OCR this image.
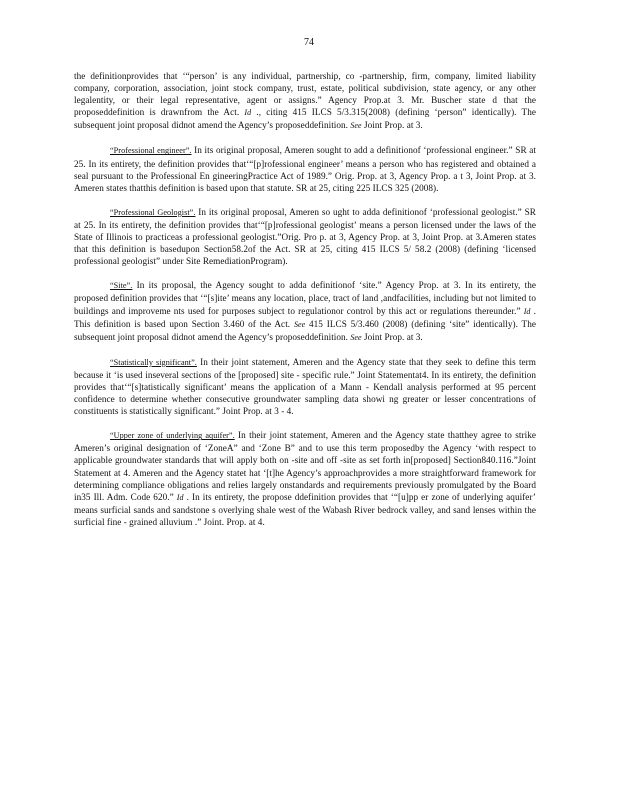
74

the definitionprovides that ‘“person’ is any individual, partnership, co -partnership, firm, company, limited liability company, corporation, association, joint stock company, trust, estate, political subdivision, state agency, or any other legalentity, or their legal representative, agent or assigns.” Agency Prop.at 3. Mr. Buscher state d that the proposeddefinition is drawnfrom the Act. Id ., citing 415 ILCS 5/3.315(2008) (defining ‘person” identically). The subsequent joint proposal didnot amend the Agency’s proposeddefinition. See Joint Prop. at 3.

“Professional engineer”. In its original proposal, Ameren sought to add a definitionof ‘professional engineer.” SR at 25. In its entirety, the definition provides that‘“[p]rofessional engineer’ means a person who has registered and obtained a seal pursuant to the Professional En gineeringPractice Act of 1989.” Orig. Prop. at 3, Agency Prop. a t 3, Joint Prop. at 3. Ameren states thatthis definition is based upon that statute. SR at 25, citing 225 ILCS 325 (2008).

“Professional Geologist”. In its original proposal, Ameren so ught to adda definitionof ‘professional geologist.” SR at 25. In its entirety, the definition provides that‘“[p]rofessional geologist’ means a person licensed under the laws of the State of Illinois to practiceas a professional geologist.”Orig. Pro p. at 3, Agency Prop. at 3, Joint Prop. at 3.Ameren states that this definition is basedupon Section58.2of the Act. SR at 25, citing 415 ILCS 5/ 58.2 (2008) (defining ‘licensed professional geologist” under Site RemediationProgram).

“Site”. In its proposal, the Agency sought to adda definitionof ‘site.” Agency Prop. at 3. In its entirety, the proposed definition provides that ‘“[s]ite’ means any location, place, tract of land ,andfacilities, including but not limited to buildings and improveme nts used for purposes subject to regulationor control by this act or regulations thereunder.” Id . This definition is based upon Section 3.460 of the Act. See 415 ILCS 5/3.460 (2008) (defining ‘site” identically). The subsequent joint proposal didnot amend the Agency’s proposeddefinition. See Joint Prop. at 3.

“Statistically significant”. In their joint statement, Ameren and the Agency state that they seek to define this term because it ‘is used inseveral sections of the [proposed] site - specific rule.” Joint Statementat4. In its entirety, the definition provides that‘“[s]tatistically significant’ means the application of a Mann - Kendall analysis performed at 95 percent confidence to determine whether consecutive groundwater sampling data showi ng greater or lesser concentrations of constituents is statistically significant.” Joint Prop. at 3 - 4.

“Upper zone of underlying aquifer”. In their joint statement, Ameren and the Agency state thatthey agree to strike Ameren’s original designation of ‘ZoneA” and ‘Zone B” and to use this term proposedby the Agency ‘with respect to applicable groundwater standards that will apply both on -site and off -site as set forth in[proposed] Section840.116.”Joint Statement at 4. Ameren and the Agency statet hat ‘[t]he Agency’s approachprovides a more straightforward framework for determining compliance obligations and relies largely onstandards and requirements previously promulgated by the Board in35 Ill. Adm. Code 620.” Id . In its entirety, the propose ddefinition provides that ‘“[u]pp er zone of underlying aquifer’ means surficial sands and sandstone s overlying shale west of the Wabash River bedrock valley, and sand lenses within the surficial fine - grained alluvium .” Joint. Prop. at 4.
